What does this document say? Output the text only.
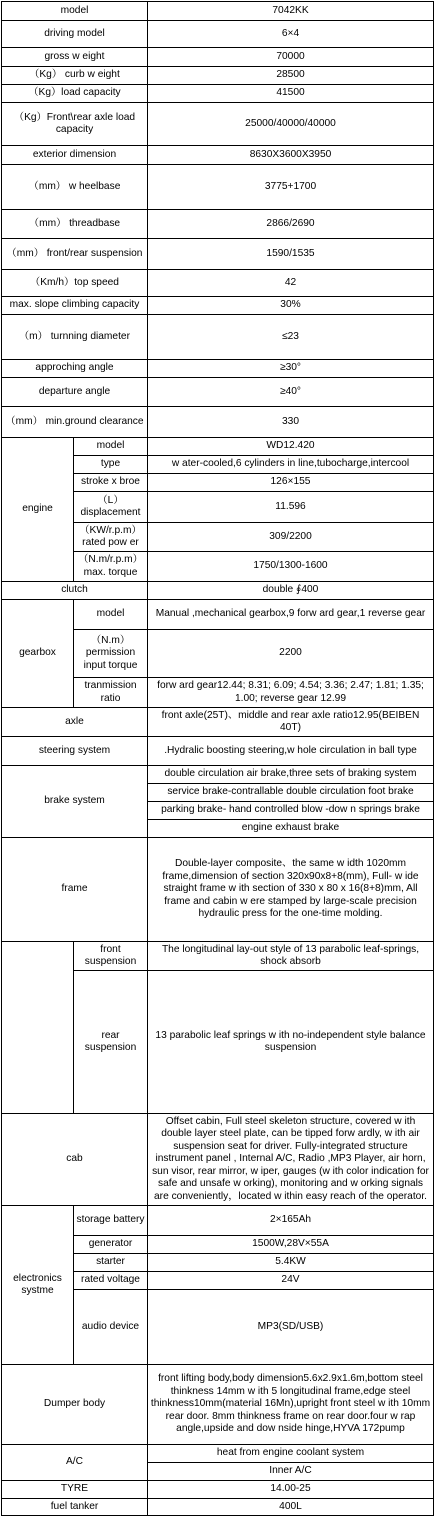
model		7042KK
driving model		6×4
gross w eight		70000
（Kg） curb w eight		28500
（Kg）load capacity		41500
（Kg）Front\rear axle load capacity		25000/40000/40000
exterior dimension		8630X3600X3950
（mm） w heelbase		3775+1700
（mm） threadbase		2866/2690
（mm） front/rear suspension		1590/1535
（Km/h）top speed		42
max. slope climbing capacity		30%
（m） turnning diameter		≤23
approching angle		≥30°
departure angle		≥40°
（mm） min.ground clearance		330
engine	model	WD12.420
	type	w ater-cooled,6 cylinders in line,tubocharge,intercool
	stroke x broe	126×155
	（L） displacement	11.596
	（KW/r.p.m） rated pow er	309/2200
	（N.m/r.p.m） max. torque	1750/1300-1600
clutch		double ∮400
gearbox	model	Manual ,mechanical gearbox,9 forw ard gear,1 reverse gear
	（N.m） permission input torque	2200
	tranmission ratio	forw ard gear12.44; 8.31; 6.09; 4.54; 3.36; 2.47; 1.81; 1.35; 1.00; reverse gear 12.99
axle		front axle(25T)、middle and rear axle ratio12.95(BEIBEN 40T)
steering system		.Hydralic boosting steering,w hole circulation in ball type
brake system		double circulation air brake,three sets of braking system
		service brake-contrallable double circulation foot brake
		parking brake- hand controlled blow -dow n springs brake
		engine exhaust brake
frame		Double-layer composite、the same w idth 1020mm frame,dimension of section 320x90x8+8(mm), Full- w ide straight frame w ith section of 330 x 80 x 16(8+8)mm, All frame and cabin w ere stamped by large-scale precision hydraulic press for the one-time molding.
	front suspension	The longitudinal lay-out style of 13 parabolic leaf-springs, shock absorb
	rear suspension	13 parabolic leaf springs w ith no-independent style balance suspension
cab		Offset cabin, Full steel skeleton structure, covered w ith double layer steel plate, can be tipped forw ardly, w ith air suspension seat for driver. Fully-integrated structure instrument panel , Internal A/C, Radio ,MP3 Player, air horn, sun visor, rear mirror, w iper, gauges (w ith color indication for safe and unsafe w orking), monitoring and w orking signals are conveniently，located w ithin easy reach of the operator.
electronics systme	storage battery	2×165Ah
	generator	1500W,28V×55A
	starter	5.4KW
	rated voltage	24V
	audio device	MP3(SD/USB)
Dumper body		front lifting body,body dimension5.6x2.9x1.6m,bottom steel thinkness 14mm w ith 5 longitudinal frame,edge steel thinkness10mm(material 16Mn),upright front steel w ith 10mm rear door. 8mm thinkness frame on rear door.four w rap angle,upside and dow nside hinge,HYVA 172pump
A/C		heat from engine coolant system
		Inner A/C
TYRE		14.00-25
fuel tanker		400L
